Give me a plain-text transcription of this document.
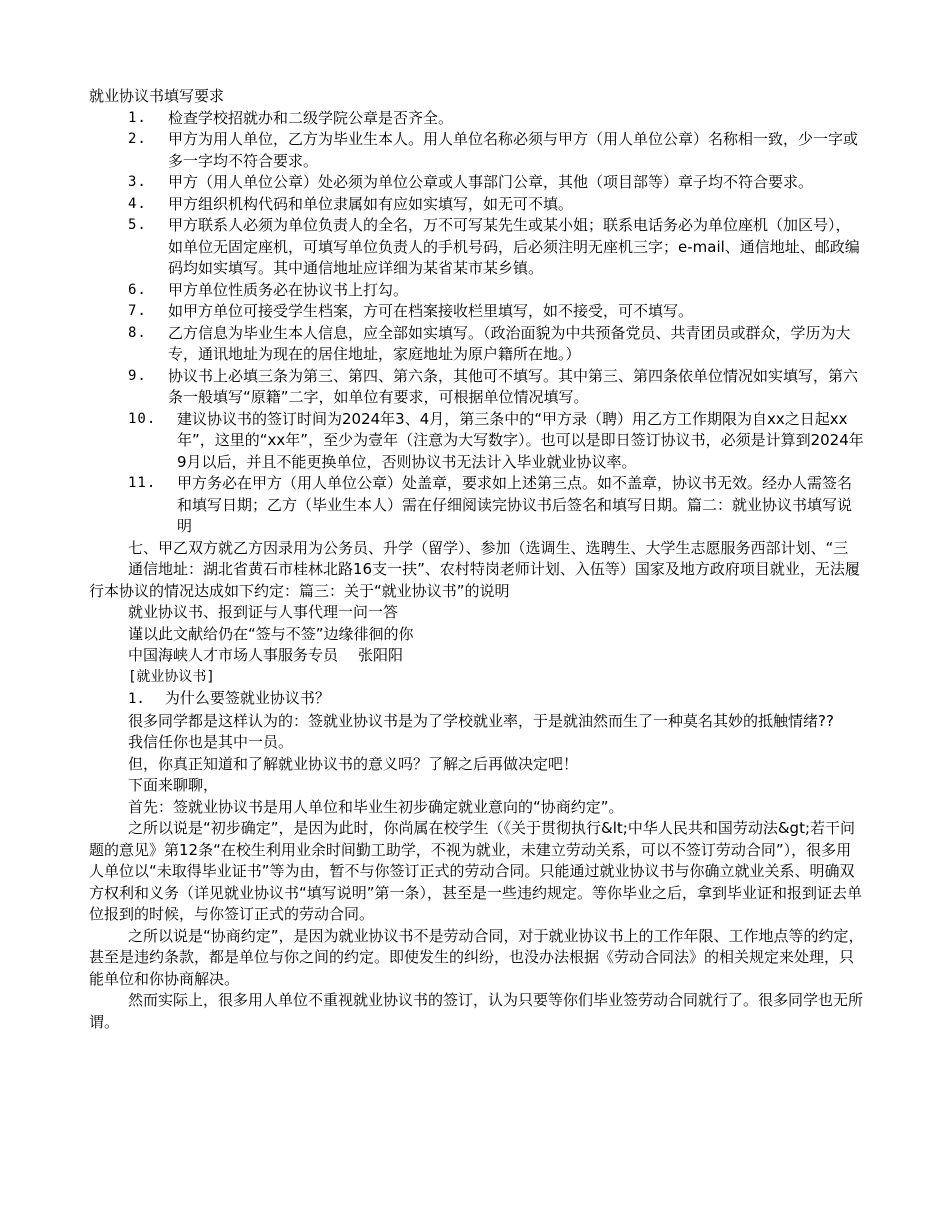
就业协议书填写要求
1. 检查学校招就办和二级学院公章是否齐全。
2. 甲方为用人单位，乙方为毕业生本人。用人单位名称必须与甲方（用人单位公章）名称相一致，少一字或多一字均不符合要求。
3. 甲方（用人单位公章）处必须为单位公章或人事部门公章，其他（项目部等）章子均不符合要求。
4. 甲方组织机构代码和单位隶属如有应如实填写，如无可不填。
5. 甲方联系人必须为单位负责人的全名，万不可写某先生或某小姐；联系电话务必为单位座机（加区号），如单位无固定座机，可填写单位负责人的手机号码，后必须注明无座机三字；e-mail、通信地址、邮政编码均如实填写。其中通信地址应详细为某省某市某乡镇。
6. 甲方单位性质务必在协议书上打勾。
7. 如甲方单位可接受学生档案，方可在档案接收栏里填写，如不接受，可不填写。
8. 乙方信息为毕业生本人信息，应全部如实填写。（政治面貌为中共预备党员、共青团员或群众，学历为大专，通讯地址为现在的居住地址，家庭地址为原户籍所在地。）
9. 协议书上必填三条为第三、第四、第六条，其他可不填写。其中第三、第四条依单位情况如实填写，第六条一般填写“原籍”二字，如单位有要求，可根据单位情况填写。
10. 建议协议书的签订时间为2024年3、4月，第三条中的“甲方录（聘）用乙方工作期限为自xx之日起xx年”，这里的“xx年”，至少为壹年（注意为大写数字）。也可以是即日签订协议书，必须是计算到2024年9月以后，并且不能更换单位，否则协议书无法计入毕业就业协议率。
11. 甲方务必在甲方（用人单位公章）处盖章，要求如上述第三点。如不盖章，协议书无效。经办人需签名和填写日期；乙方（毕业生本人）需在仔细阅读完协议书后签名和填写日期。篇二：就业协议书填写说明

七、甲乙双方就乙方因录用为公务员、升学（留学）、参加（选调生、选聘生、大学生志愿服务西部计划、“三

通信地址：湖北省黄石市桂林北路16支一扶”、农村特岗老师计划、入伍等）国家及地方政府项目就业，无法履行本协议的情况达成如下约定：篇三：关于“就业协议书”的说明

就业协议书、报到证与人事代理一问一答
谨以此文献给仍在“签与不签”边缘徘徊的你
中国海峡人才市场人事服务专员 张阳阳
[就业协议书]
1. 为什么要签就业协议书？

很多同学都是这样认为的：签就业协议书是为了学校就业率，于是就油然而生了一种莫名其妙的抵触情绪??

我信任你也是其中一员。

但，你真正知道和了解就业协议书的意义吗？了解之后再做决定吧！

下面来聊聊，

首先：签就业协议书是用人单位和毕业生初步确定就业意向的“协商约定”。

之所以说是“初步确定”，是因为此时，你尚属在校学生（《关于贯彻执行&lt;中华人民共和国劳动法&gt;若干问题的意见》第12条“在校生利用业余时间勤工助学，不视为就业，未建立劳动关系，可以不签订劳动合同”），很多用人单位以“未取得毕业证书”等为由，暂不与你签订正式的劳动合同。只能通过就业协议书与你确立就业关系、明确双方权利和义务（详见就业协议书“填写说明”第一条），甚至是一些违约规定。等你毕业之后，拿到毕业证和报到证去单位报到的时候，与你签订正式的劳动合同。

之所以说是“协商约定”，是因为就业协议书不是劳动合同，对于就业协议书上的工作年限、工作地点等的约定，甚至是违约条款，都是单位与你之间的约定。即使发生的纠纷，也没办法根据《劳动合同法》的相关规定来处理，只能单位和你协商解决。

然而实际上，很多用人单位不重视就业协议书的签订，认为只要等你们毕业签劳动合同就行了。很多同学也无所谓。
